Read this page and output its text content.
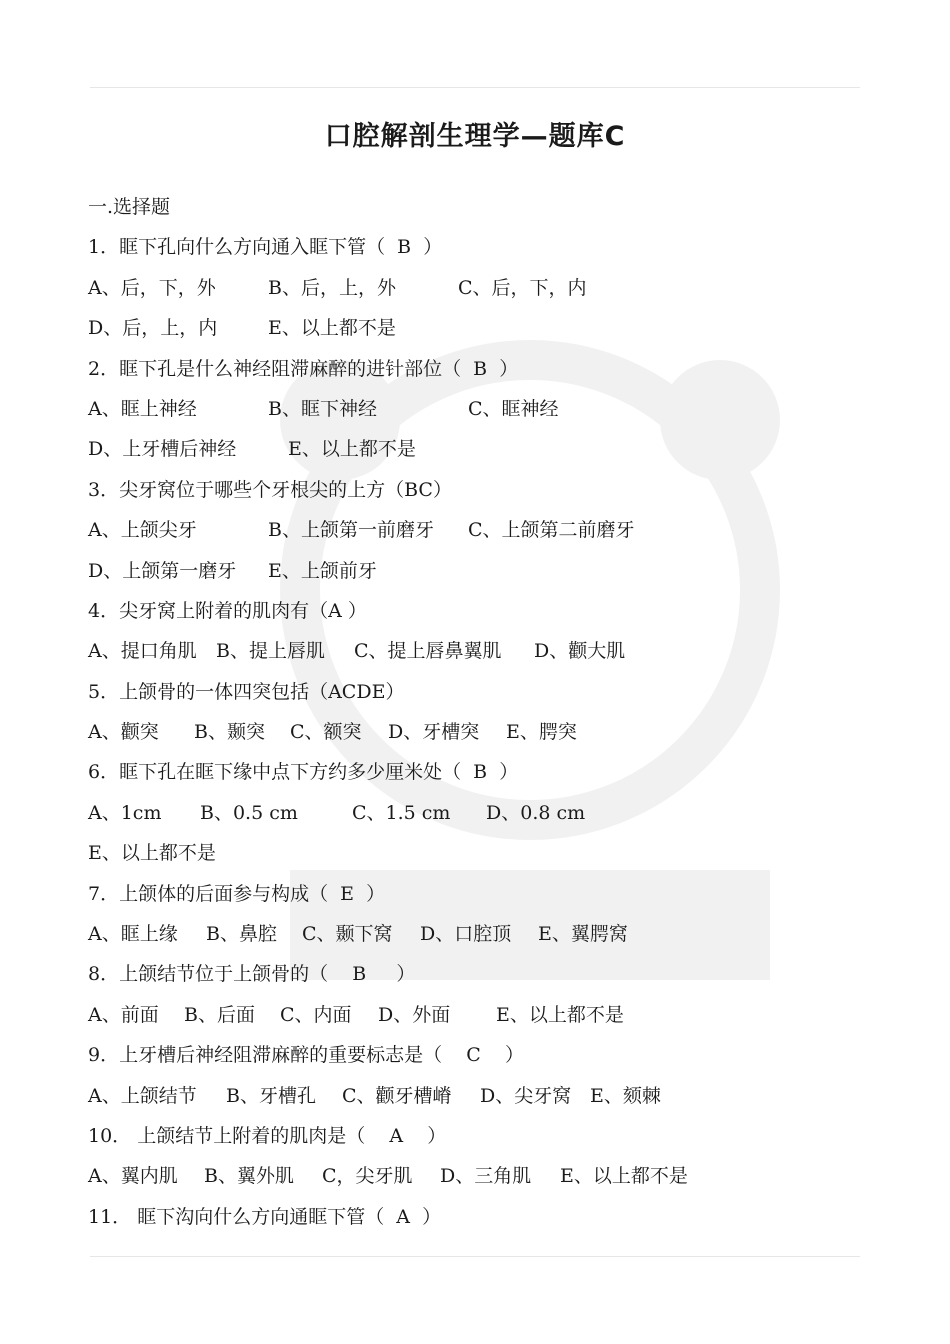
口腔解剖生理学—题库C
一.选择题
1．眶下孔向什么方向通入眶下管（  B  ）
A、后，下，外	B、后，上，外	C、后，下，内
D、后，上，内	E、以上都不是
2．眶下孔是什么神经阻滞麻醉的进针部位（  B  ）
A、眶上神经	B、眶下神经	C、眶神经
D、上牙槽后神经	E、以上都不是
3．尖牙窝位于哪些个牙根尖的上方（BC）
A、上颌尖牙	B、上颌第一前磨牙	C、上颌第二前磨牙
D、上颌第一磨牙	E、上颌前牙
4．尖牙窝上附着的肌肉有（A ）
A、提口角肌	B、提上唇肌	C、提上唇鼻翼肌	D、颧大肌
5．上颌骨的一体四突包括（ACDE）
A、颧突	B、颞突	C、额突	D、牙槽突	E、腭突
6．眶下孔在眶下缘中点下方约多少厘米处（  B  ）
A、1cm	B、0.5 cm	C、1.5 cm	D、0.8 cm
E、以上都不是
7．上颌体的后面参与构成（  E  ）
A、眶上缘	B、鼻腔	C、颞下窝	D、口腔顶	E、翼腭窝
8．上颌结节位于上颌骨的（    B     ）
A、前面	B、后面	C、内面	D、外面	E、以上都不是
9．上牙槽后神经阻滞麻醉的重要标志是（    C    ）
A、上颌结节	B、牙槽孔	C、颧牙槽嵴	D、尖牙窝 E、颏棘
10． 上颌结节上附着的肌肉是（    A    ）
A、翼内肌	B、翼外肌	C，尖牙肌	D、三角肌	E、以上都不是
11． 眶下沟向什么方向通眶下管（  A  ）
